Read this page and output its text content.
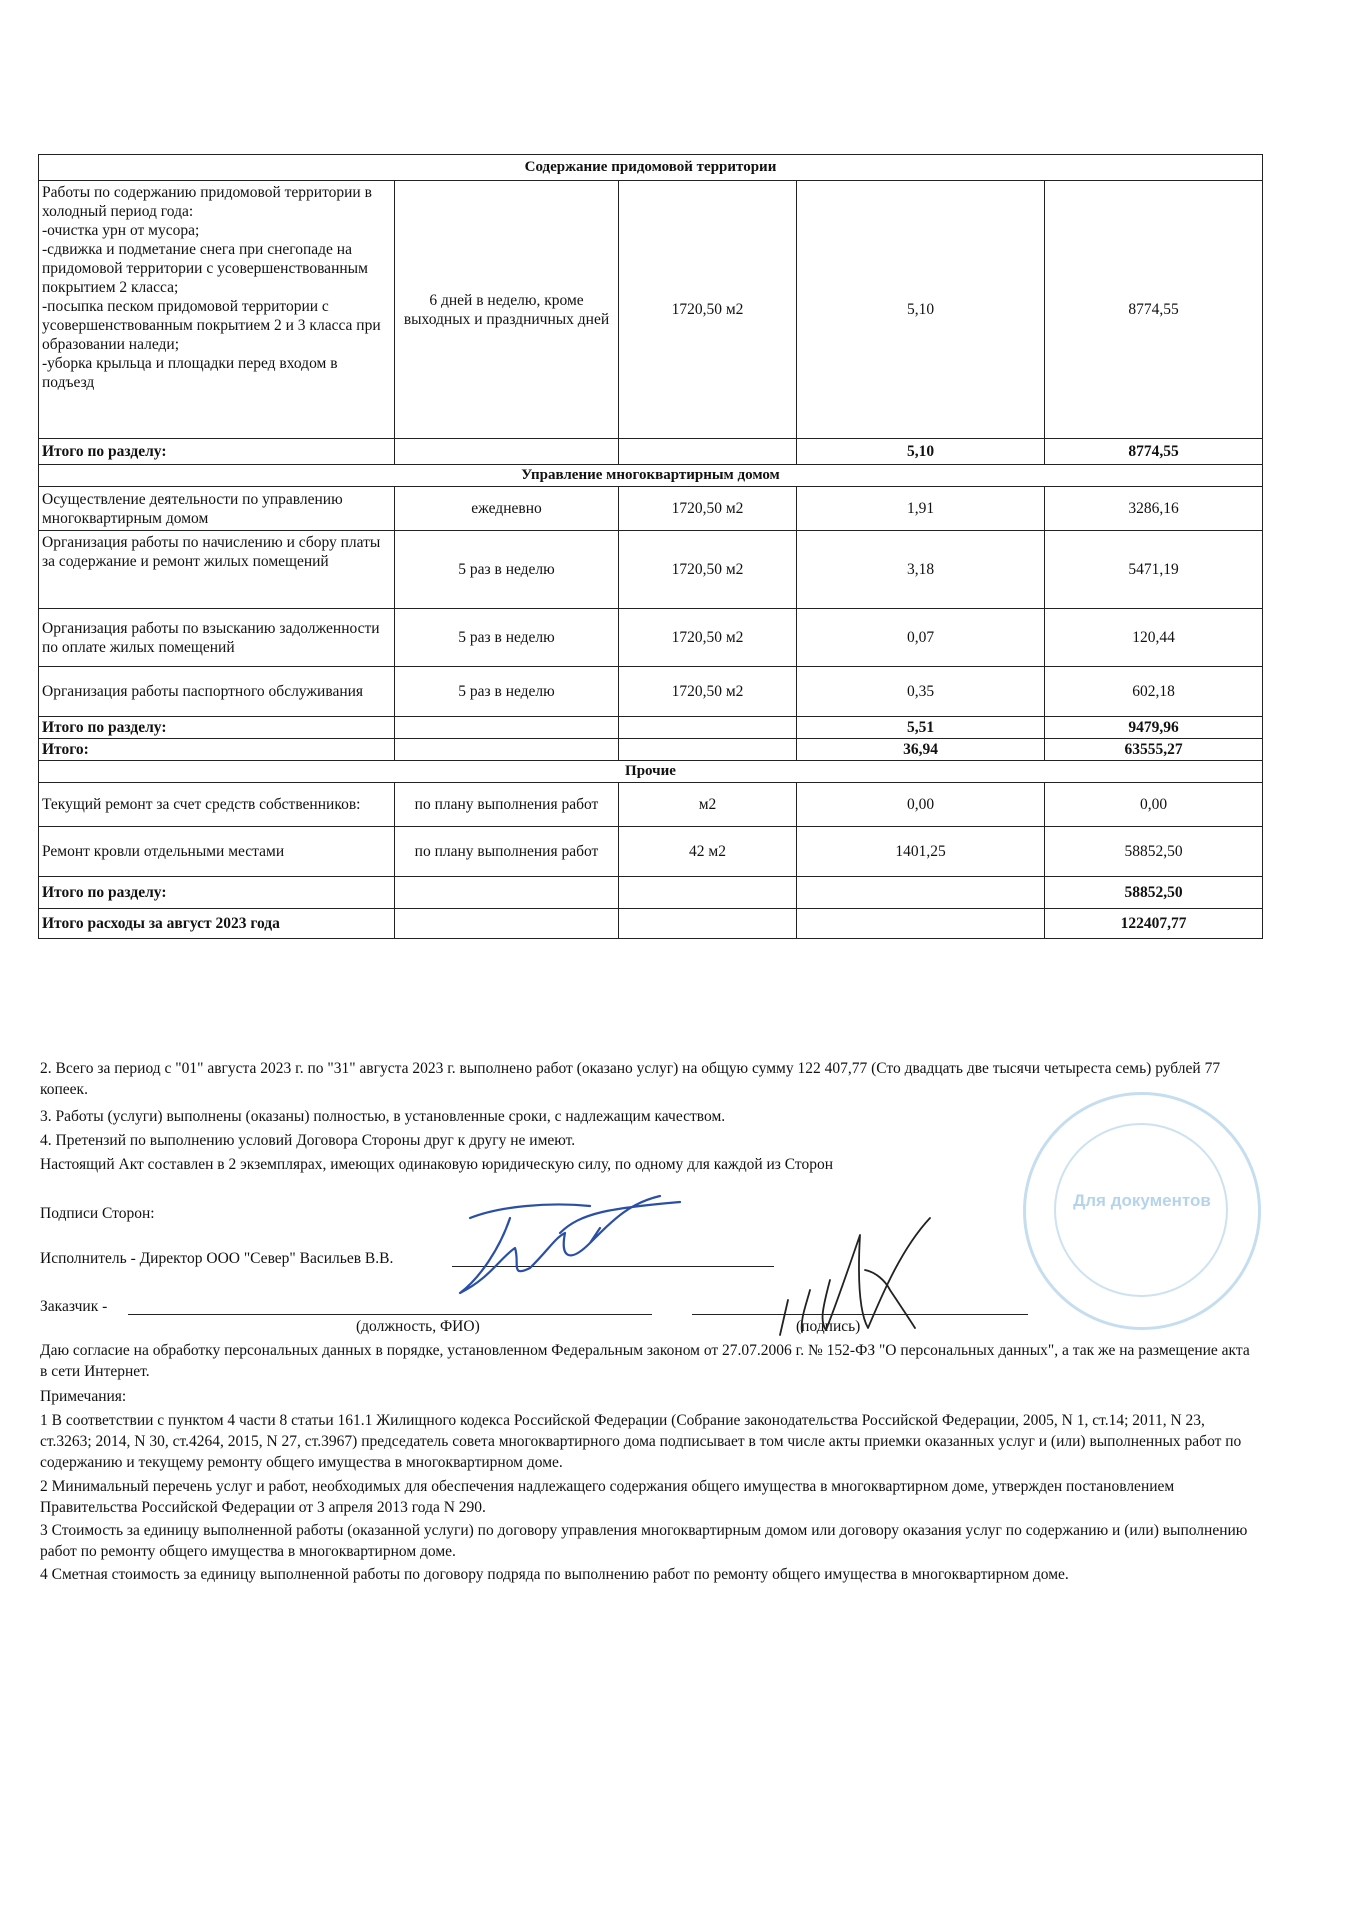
Содержание придомовой территории				
Работы по содержанию придомовой территории в холодный период года:
-очистка урн от мусора;
-сдвижка и подметание снега при снегопаде на придомовой территории с усовершенствованным покрытием 2 класса;
-посыпка песком придомовой территории с усовершенствованным покрытием 2 и 3 класса при образовании наледи;
-уборка крыльца и площадки перед входом в подъезд	6 дней в неделю, кроме выходных и праздничных дней	1720,50 м2	5,10	8774,55
Итого по разделу:			5,10	8774,55
Управление многоквартирным домом				
Осуществление деятельности по управлению многоквартирным домом	ежедневно	1720,50 м2	1,91	3286,16
Организация работы по начислению и сбору платы за содержание и ремонт жилых помещений	5 раз в неделю	1720,50 м2	3,18	5471,19
Организация работы по взысканию задолженности по оплате жилых помещений	5 раз в неделю	1720,50 м2	0,07	120,44
Организация работы паспортного обслуживания	5 раз в неделю	1720,50 м2	0,35	602,18
Итого по разделу:			5,51	9479,96
Итого:			36,94	63555,27
Прочие				
Текущий ремонт за счет средств собственников:	по плану выполнения работ	м2	0,00	0,00
Ремонт кровли отдельными местами	по плану выполнения работ	42 м2	1401,25	58852,50
Итого по разделу:				58852,50
Итого расходы за август 2023 года				122407,77

2. Всего за период с "01" августа 2023 г. по "31" августа 2023 г. выполнено работ (оказано услуг) на общую сумму 122 407,77 (Сто двадцать две тысячи четыреста семь) рублей 77 копеек.

3. Работы (услуги) выполнены (оказаны) полностью, в установленные сроки, с надлежащим качеством.

4. Претензий по выполнению условий Договора Стороны друг к другу не имеют.

Настоящий Акт составлен в 2 экземплярах, имеющих одинаковую юридическую силу, по одному для каждой из Сторон

Подписи Сторон:

Исполнитель - Директор ООО "Север" Васильев В.В.

Заказчик -

(должность, ФИО)	(подпись)

Для документов

Даю согласие на обработку персональных данных в порядке, установленном Федеральным законом от 27.07.2006 г. № 152-ФЗ "О персональных данных", а так же на размещение акта в сети Интернет.

Примечания:

1 В соответствии с пунктом 4 части 8 статьи 161.1 Жилищного кодекса Российской Федерации (Собрание законодательства Российской Федерации, 2005, N 1, ст.14; 2011, N 23, ст.3263; 2014, N 30, ст.4264, 2015, N 27, ст.3967) председатель совета многоквартирного дома подписывает в том числе акты приемки оказанных услуг и (или) выполненных работ по содержанию и текущему ремонту общего имущества в многоквартирном доме.

2 Минимальный перечень услуг и работ, необходимых для обеспечения надлежащего содержания общего имущества в многоквартирном доме, утвержден постановлением Правительства Российской Федерации от 3 апреля 2013 года N 290.

3 Стоимость за единицу выполненной работы (оказанной услуги) по договору управления многоквартирным домом или договору оказания услуг по содержанию и (или) выполнению работ по ремонту общего имущества в многоквартирном доме.

4 Сметная стоимость за единицу выполненной работы по договору подряда по выполнению работ по ремонту общего имущества в многоквартирном доме.
